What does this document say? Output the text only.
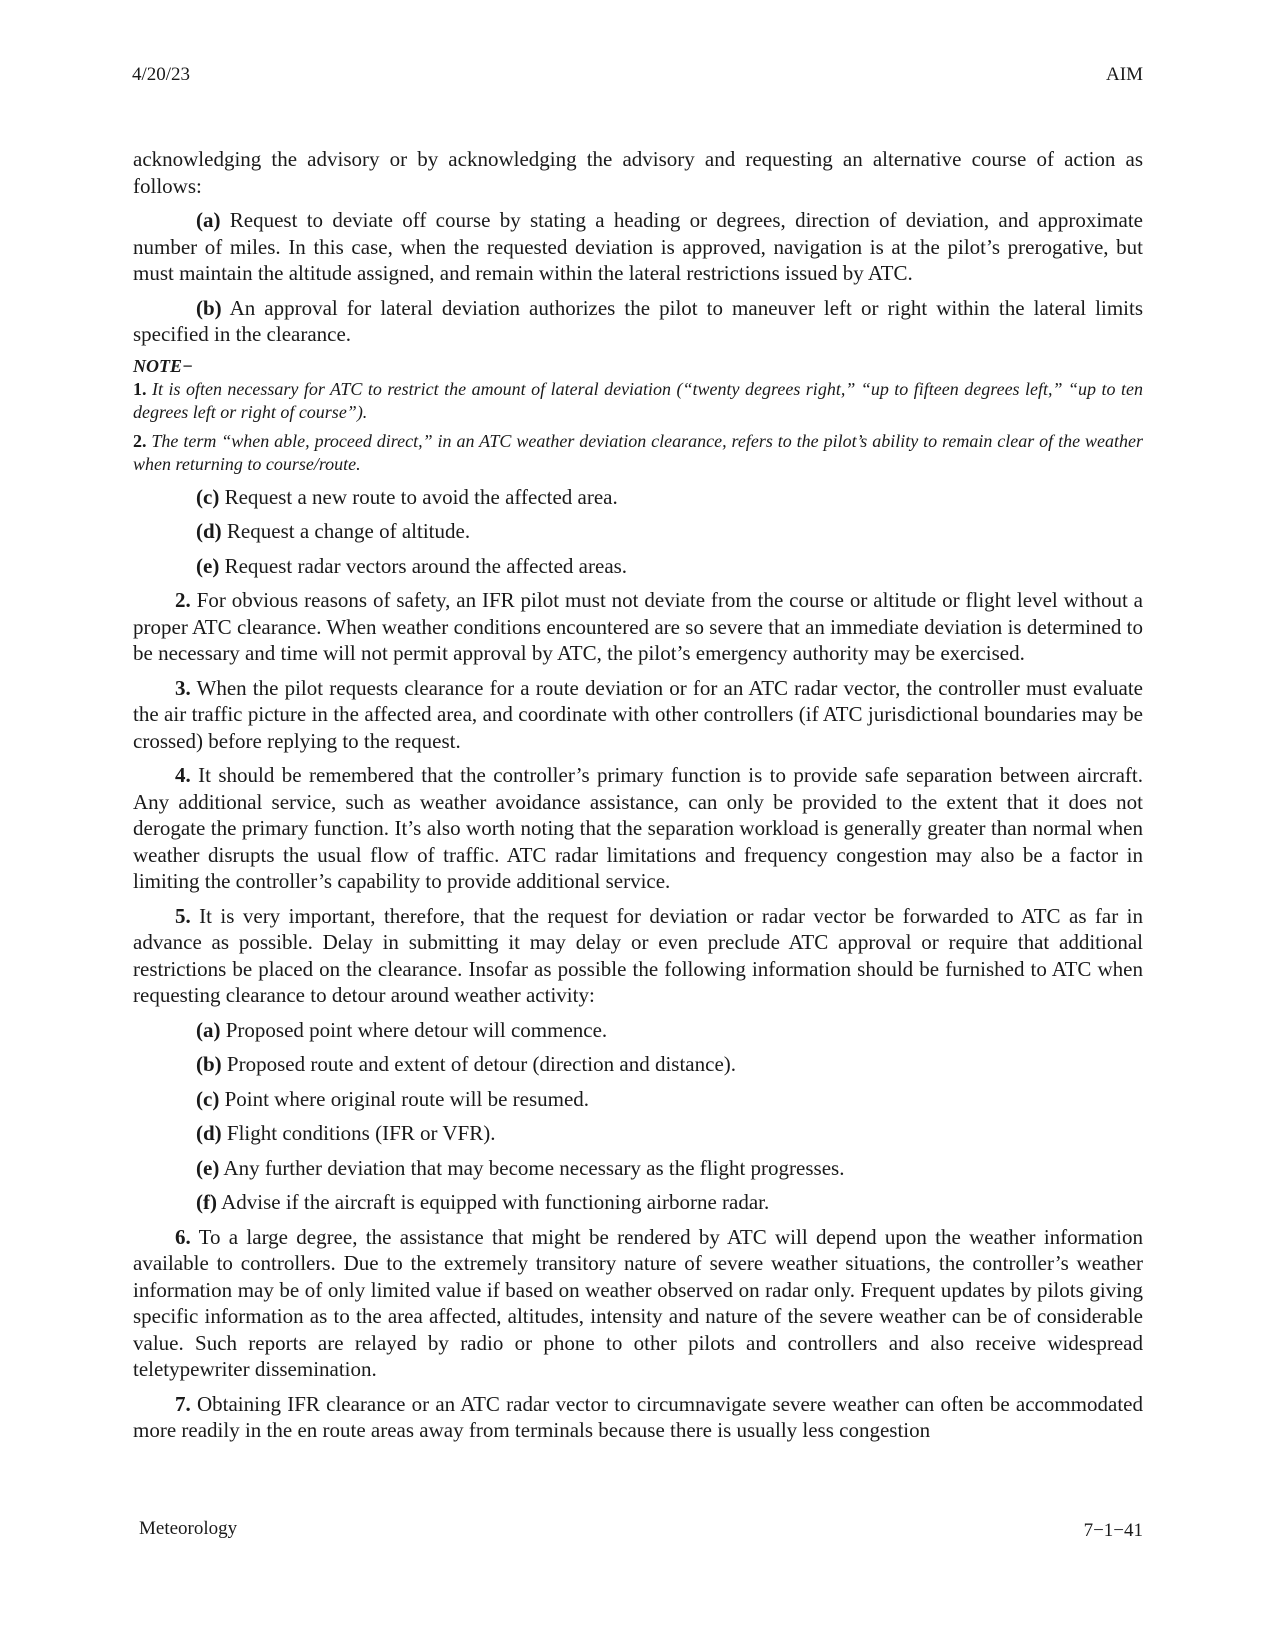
4/20/23	AIM

acknowledging the advisory or by acknowledging the advisory and requesting an alternative course of action as follows:

(a) Request to deviate off course by stating a heading or degrees, direction of deviation, and approximate number of miles. In this case, when the requested deviation is approved, navigation is at the pilot’s prerogative, but must maintain the altitude assigned, and remain within the lateral restrictions issued by ATC.

(b) An approval for lateral deviation authorizes the pilot to maneuver left or right within the lateral limits specified in the clearance.

NOTE−

1. It is often necessary for ATC to restrict the amount of lateral deviation (“twenty degrees right,” “up to fifteen degrees left,” “up to ten degrees left or right of course”).

2. The term “when able, proceed direct,” in an ATC weather deviation clearance, refers to the pilot’s ability to remain clear of the weather when returning to course/route.

(c) Request a new route to avoid the affected area.

(d) Request a change of altitude.

(e) Request radar vectors around the affected areas.

2. For obvious reasons of safety, an IFR pilot must not deviate from the course or altitude or flight level without a proper ATC clearance. When weather conditions encountered are so severe that an immediate deviation is determined to be necessary and time will not permit approval by ATC, the pilot’s emergency authority may be exercised.

3. When the pilot requests clearance for a route deviation or for an ATC radar vector, the controller must evaluate the air traffic picture in the affected area, and coordinate with other controllers (if ATC jurisdictional boundaries may be crossed) before replying to the request.

4. It should be remembered that the controller’s primary function is to provide safe separation between aircraft. Any additional service, such as weather avoidance assistance, can only be provided to the extent that it does not derogate the primary function. It’s also worth noting that the separation workload is generally greater than normal when weather disrupts the usual flow of traffic. ATC radar limitations and frequency congestion may also be a factor in limiting the controller’s capability to provide additional service.

5. It is very important, therefore, that the request for deviation or radar vector be forwarded to ATC as far in advance as possible. Delay in submitting it may delay or even preclude ATC approval or require that additional restrictions be placed on the clearance. Insofar as possible the following information should be furnished to ATC when requesting clearance to detour around weather activity:

(a) Proposed point where detour will commence.

(b) Proposed route and extent of detour (direction and distance).

(c) Point where original route will be resumed.

(d) Flight conditions (IFR or VFR).

(e) Any further deviation that may become necessary as the flight progresses.

(f) Advise if the aircraft is equipped with functioning airborne radar.

6. To a large degree, the assistance that might be rendered by ATC will depend upon the weather information available to controllers. Due to the extremely transitory nature of severe weather situations, the controller’s weather information may be of only limited value if based on weather observed on radar only. Frequent updates by pilots giving specific information as to the area affected, altitudes, intensity and nature of the severe weather can be of considerable value. Such reports are relayed by radio or phone to other pilots and controllers and also receive widespread teletypewriter dissemination.

7. Obtaining IFR clearance or an ATC radar vector to circumnavigate severe weather can often be accommodated more readily in the en route areas away from terminals because there is usually less congestion

Meteorology	7−1−41
